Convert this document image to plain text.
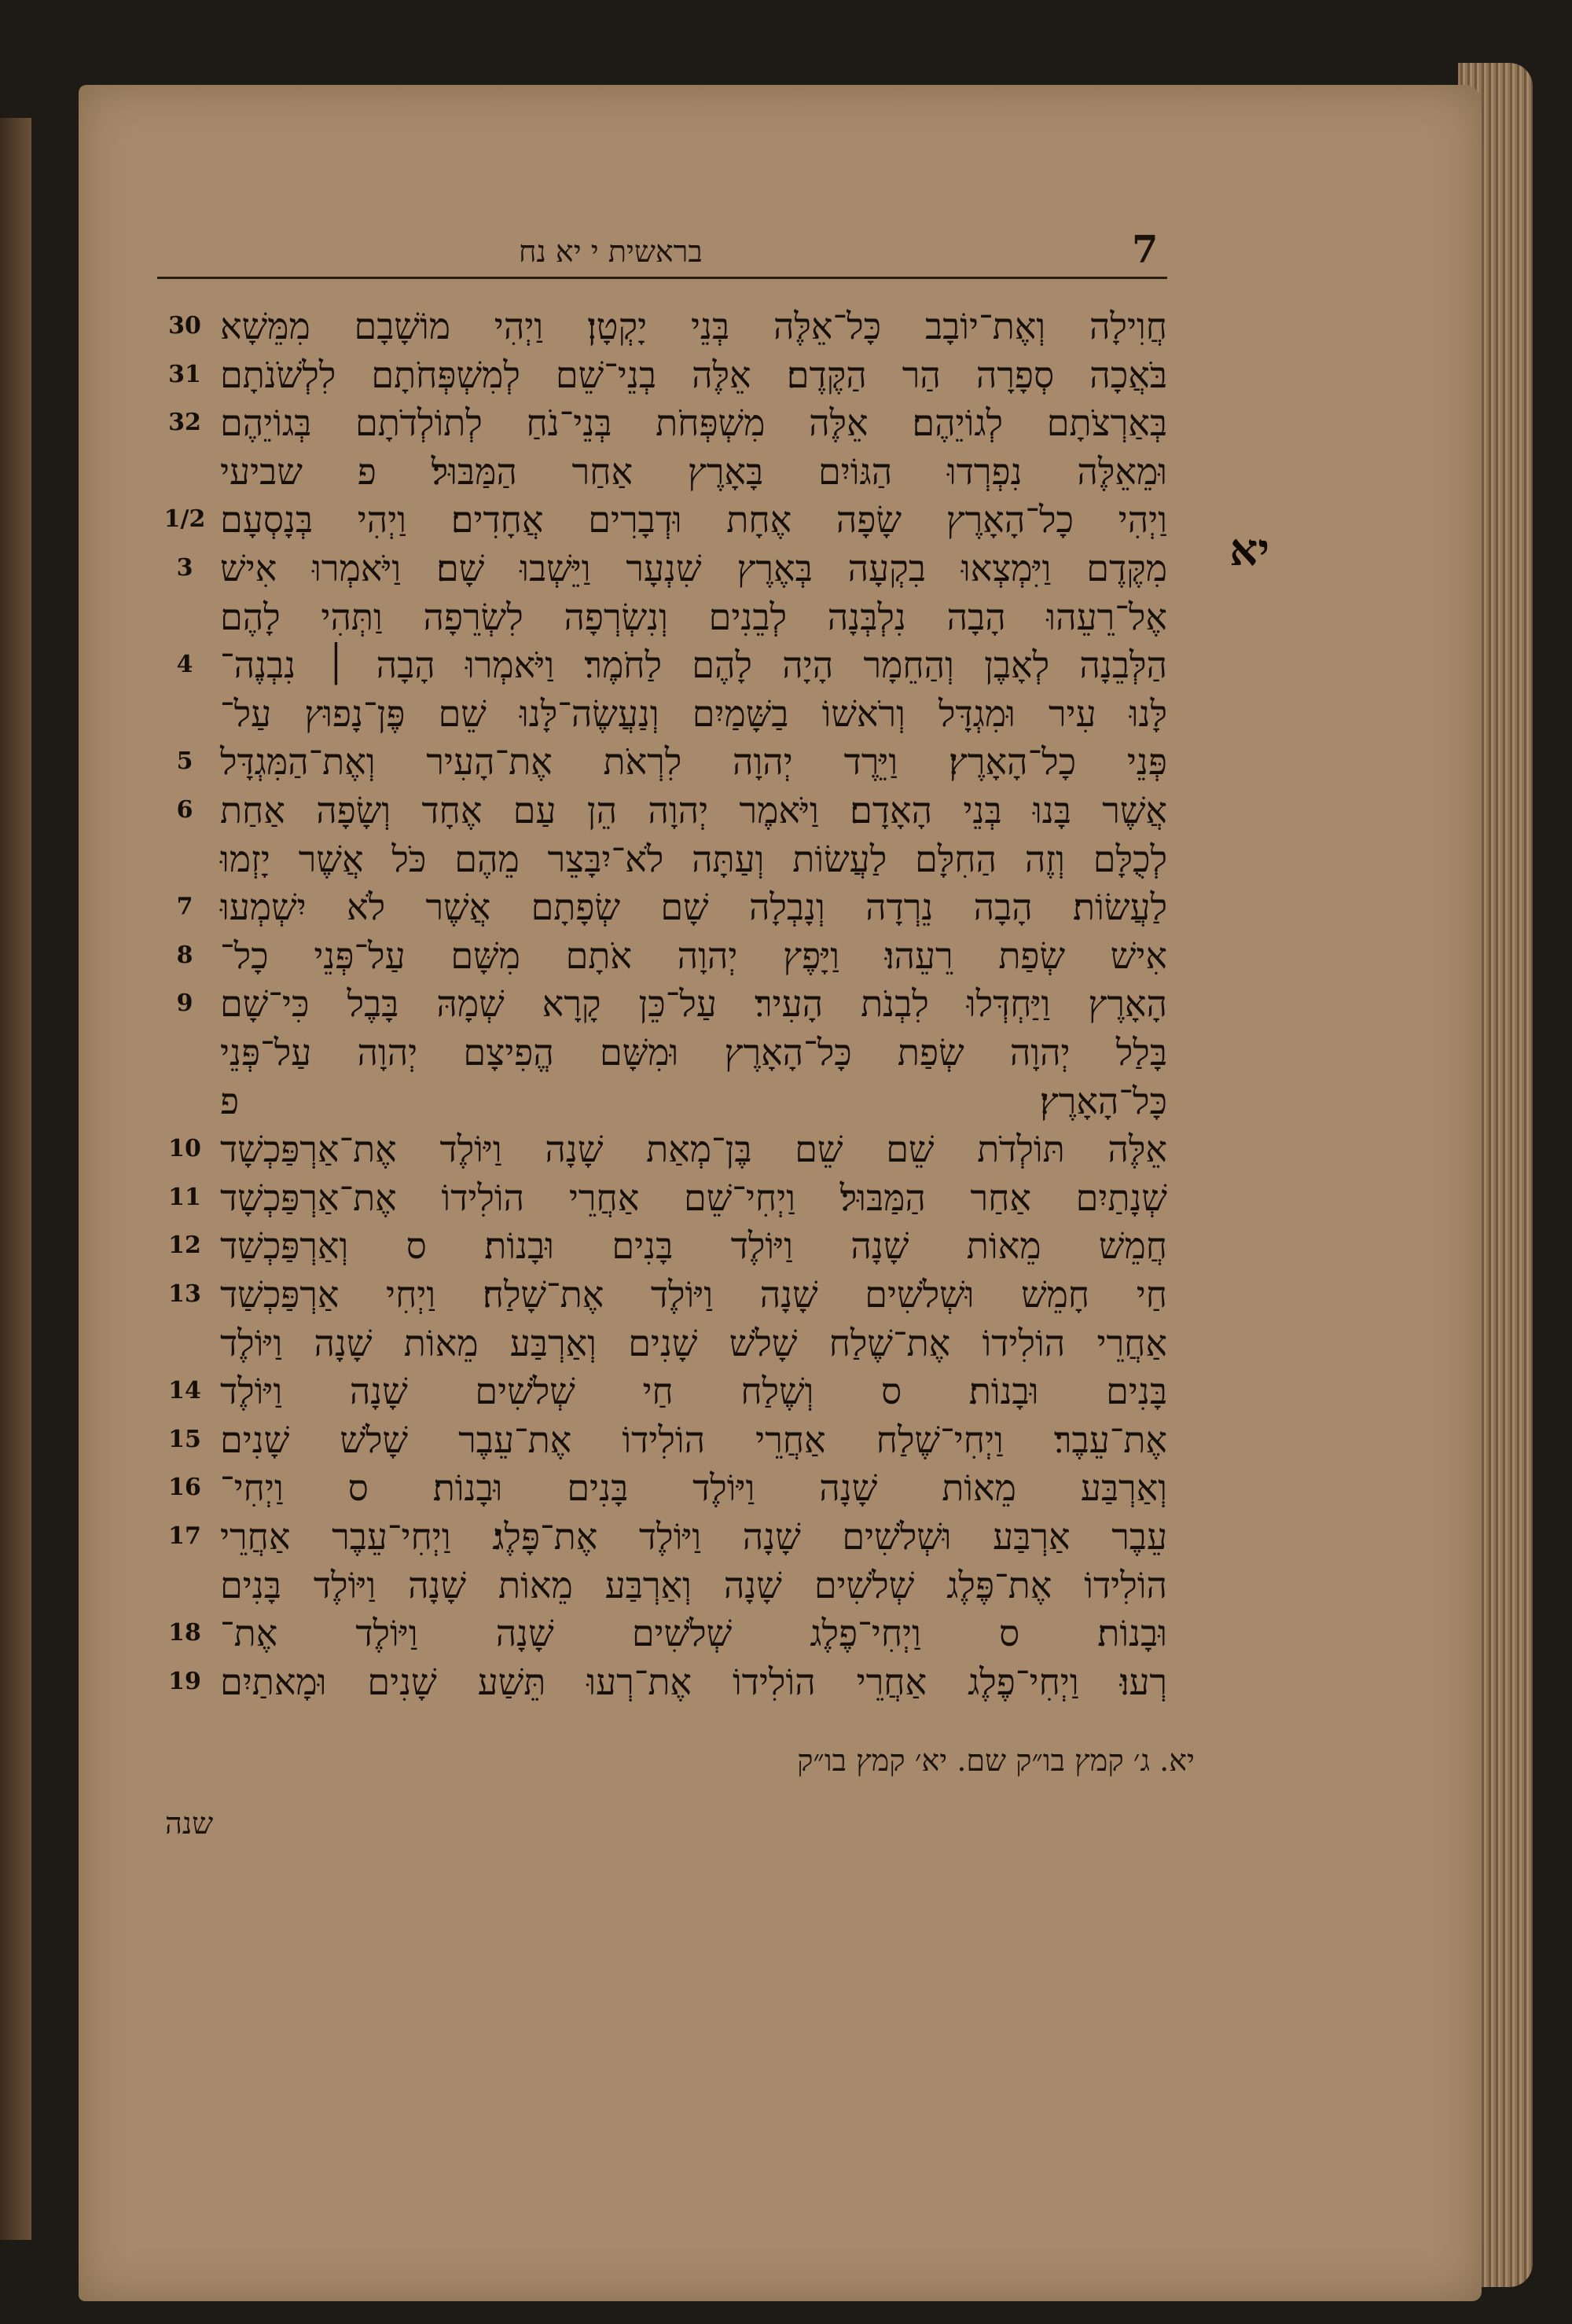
7
בראשית י יא נח
יא
חֲוִילָה וְאֶת־יוֹבָב כָּל־אֵלֶּה בְּנֵי יָקְטָן׃ וַיְהִי מוֹשָׁבָם מִמֵּשָׁא
30
בֹּאֲכָה סְפָרָה הַר הַקֶּדֶם׃ אֵלֶּה בְנֵי־שֵׁם לְמִשְׁפְּחֹתָם לִלְשֹׁנֹתָם
31
בְּאַרְצֹתָם לְגוֹיֵהֶם׃ אֵלֶּה מִשְׁפְּחֹת בְּנֵי־נֹחַ לְתוֹלְדֹתָם בְּגוֹיֵהֶם
32
וּמֵאֵלֶּה נִפְרְדוּ הַגּוֹיִם בָּאָרֶץ אַחַר הַמַּבּוּל׃ פ שביעי
וַיְהִי כָל־הָאָרֶץ שָׂפָה אֶחָת וּדְבָרִים אֲחָדִים׃ וַיְהִי בְּנָסְעָם
1/2
מִקֶּדֶם וַיִּמְצְאוּ בִקְעָה בְּאֶרֶץ שִׁנְעָר וַיֵּשְׁבוּ שָׁם׃ וַיֹּאמְרוּ אִישׁ
3
אֶל־רֵעֵהוּ הָבָה נִלְבְּנָה לְבֵנִים וְנִשְׂרְפָה לִשְׂרֵפָה וַתְּהִי לָהֶם
הַלְּבֵנָה לְאָבֶן וְהַחֵמָר הָיָה לָהֶם לַחֹמֶר׃ וַיֹּאמְרוּ הָבָה ׀ נִבְנֶה־
4
לָּנוּ עִיר וּמִגְדָּל וְרֹאשׁוֹ בַשָּׁמַיִם וְנַעֲשֶׂה־לָּנוּ שֵׁם פֶּן־נָפוּץ עַל־
פְּנֵי כָל־הָאָרֶץ׃ וַיֵּרֶד יְהוָה לִרְאֹת אֶת־הָעִיר וְאֶת־הַמִּגְדָּל
5
אֲשֶׁר בָּנוּ בְּנֵי הָאָדָם׃ וַיֹּאמֶר יְהוָה הֵן עַם אֶחָד וְשָׂפָה אַחַת
6
לְכֻלָּם וְזֶה הַחִלָּם לַעֲשׂוֹת וְעַתָּה לֹא־יִבָּצֵר מֵהֶם כֹּל אֲשֶׁר יָזְמוּ
לַעֲשׂוֹת׃ הָבָה נֵרְדָה וְנָבְלָה שָׁם שְׂפָתָם אֲשֶׁר לֹא יִשְׁמְעוּ
7
אִישׁ שְׂפַת רֵעֵהוּ׃ וַיָּפֶץ יְהוָה אֹתָם מִשָּׁם עַל־פְּנֵי כָל־
8
הָאָרֶץ וַיַּחְדְּלוּ לִבְנֹת הָעִיר׃ עַל־כֵּן קָרָא שְׁמָהּ בָּבֶל כִּי־שָׁם
9
בָּלַל יְהוָה שְׂפַת כָּל־הָאָרֶץ וּמִשָּׁם הֱפִיצָם יְהוָה עַל־פְּנֵי
כָּל־הָאָרֶץ׃ פ
אֵלֶּה תּוֹלְדֹת שֵׁם שֵׁם בֶּן־מְאַת שָׁנָה וַיּוֹלֶד אֶת־אַרְפַּכְשָׁד
10
שְׁנָתַיִם אַחַר הַמַּבּוּל׃ וַיְחִי־שֵׁם אַחֲרֵי הוֹלִידוֹ אֶת־אַרְפַּכְשָׁד
11
חֲמֵשׁ מֵאוֹת שָׁנָה וַיּוֹלֶד בָּנִים וּבָנוֹת׃ ס וְאַרְפַּכְשַׁד
12
חַי חָמֵשׁ וּשְׁלֹשִׁים שָׁנָה וַיּוֹלֶד אֶת־שָׁלַח׃ וַיְחִי אַרְפַּכְשַׁד
13
אַחֲרֵי הוֹלִידוֹ אֶת־שֶׁלַח שָׁלֹשׁ שָׁנִים וְאַרְבַּע מֵאוֹת שָׁנָה וַיּוֹלֶד
בָּנִים וּבָנוֹת׃ ס וְשֶׁלַח חַי שְׁלֹשִׁים שָׁנָה וַיּוֹלֶד
14
אֶת־עֵבֶר׃ וַיְחִי־שֶׁלַח אַחֲרֵי הוֹלִידוֹ אֶת־עֵבֶר שָׁלֹשׁ שָׁנִים
15
וְאַרְבַּע מֵאוֹת שָׁנָה וַיּוֹלֶד בָּנִים וּבָנוֹת׃ ס וַיְחִי־
16
עֵבֶר אַרְבַּע וּשְׁלֹשִׁים שָׁנָה וַיּוֹלֶד אֶת־פָּלֶג׃ וַיְחִי־עֵבֶר אַחֲרֵי
17
הוֹלִידוֹ אֶת־פֶּלֶג שְׁלֹשִׁים שָׁנָה וְאַרְבַּע מֵאוֹת שָׁנָה וַיּוֹלֶד בָּנִים
וּבָנוֹת׃ ס וַיְחִי־פֶלֶג שְׁלֹשִׁים שָׁנָה וַיּוֹלֶד אֶת־
18
רְעוּ׃ וַיְחִי־פֶלֶג אַחֲרֵי הוֹלִידוֹ אֶת־רְעוּ תֵּשַׁע שָׁנִים וּמָאתַיִם
19
יא. ג׳ קמץ בו״ק שם. יא׳ קמץ בו״ק
שנה
